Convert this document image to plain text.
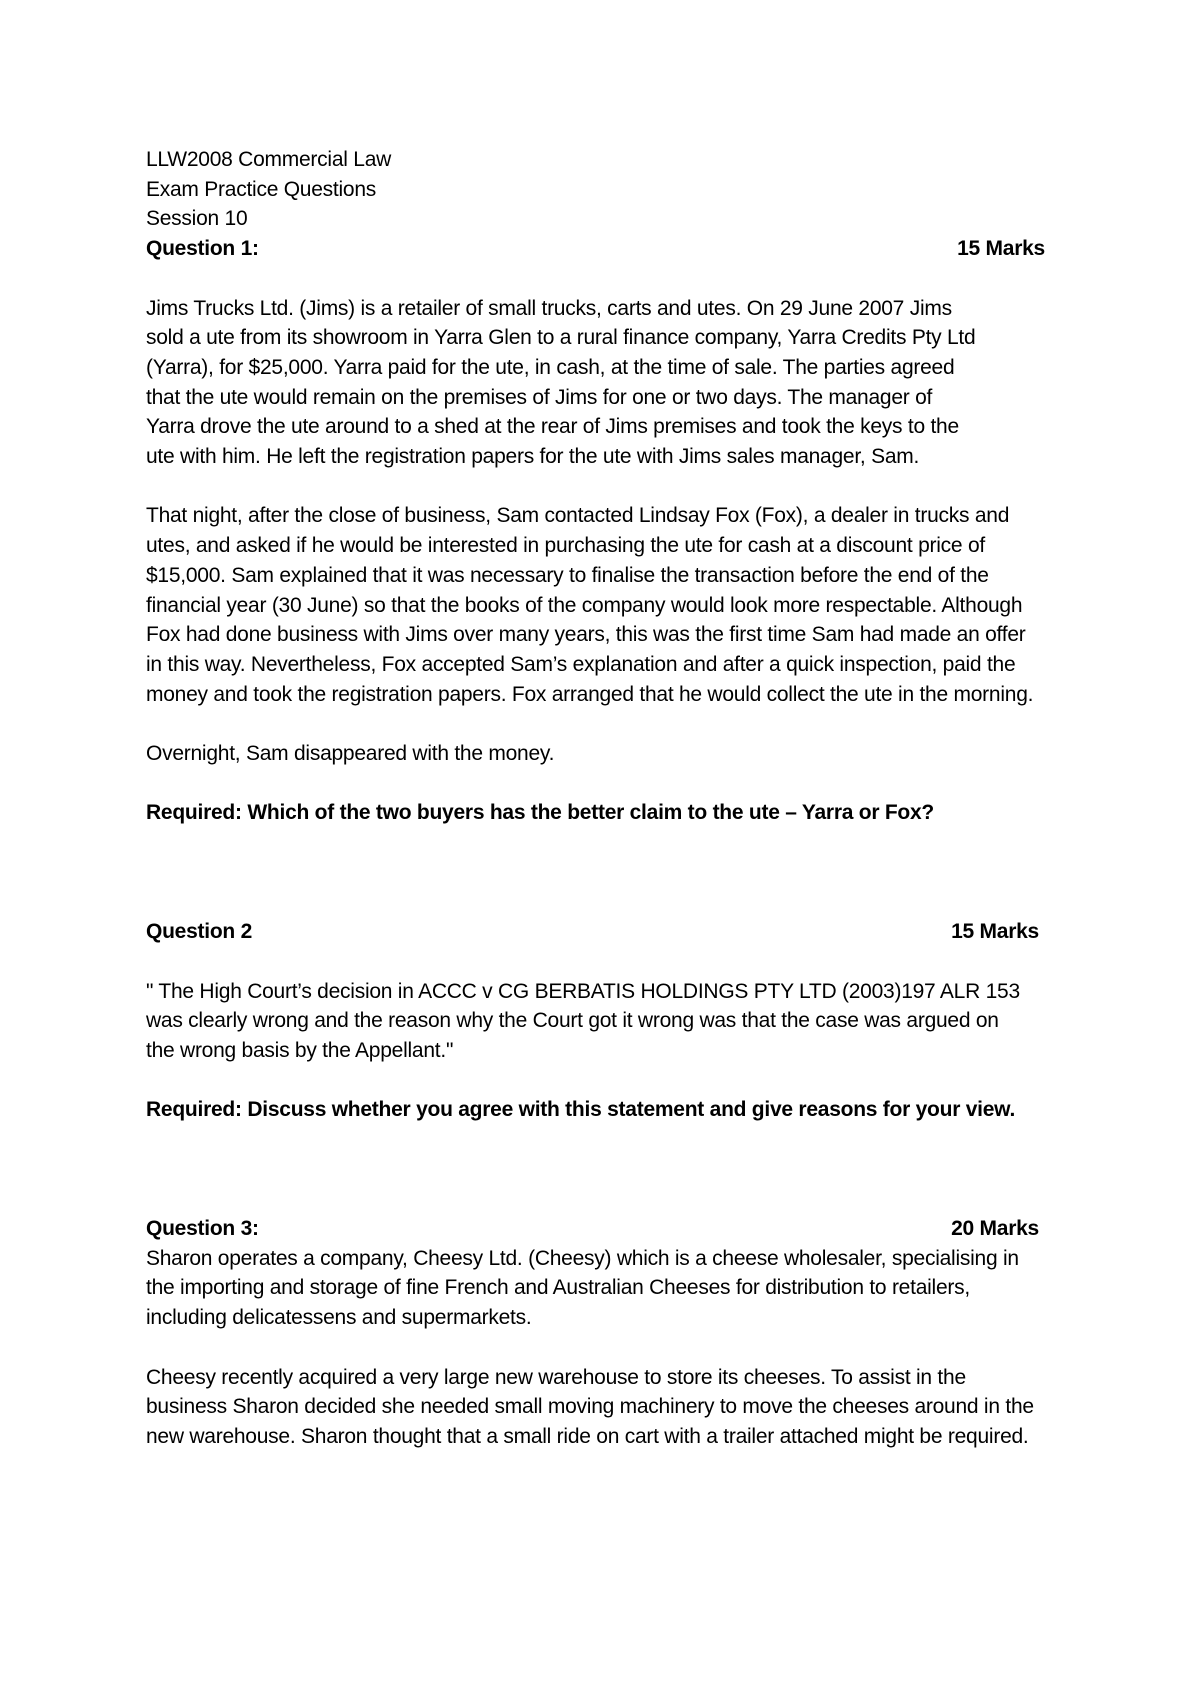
LLW2008 Commercial Law
Exam Practice Questions
Session 10
Question 1:	15 Marks

Jims Trucks Ltd. (Jims) is a retailer of small trucks, carts and utes. On 29 June 2007 Jims sold a ute from its showroom in Yarra Glen to a rural finance company, Yarra Credits Pty Ltd (Yarra), for $25,000. Yarra paid for the ute, in cash, at the time of sale. The parties agreed that the ute would remain on the premises of Jims for one or two days. The manager of Yarra drove the ute around to a shed at the rear of Jims premises and took the keys to the ute with him. He left the registration papers for the ute with Jims sales manager, Sam.

That night, after the close of business, Sam contacted Lindsay Fox (Fox), a dealer in trucks and utes, and asked if he would be interested in purchasing the ute for cash at a discount price of $15,000. Sam explained that it was necessary to finalise the transaction before the end of the financial year (30 June) so that the books of the company would look more respectable. Although Fox had done business with Jims over many years, this was the first time Sam had made an offer in this way. Nevertheless, Fox accepted Sam’s explanation and after a quick inspection, paid the money and took the registration papers. Fox arranged that he would collect the ute in the morning.

Overnight, Sam disappeared with the money.

Required: Which of the two buyers has the better claim to the ute – Yarra or Fox?

Question 2	15 Marks

" The High Court’s decision in ACCC v CG BERBATIS HOLDINGS PTY LTD (2003)197 ALR 153 was clearly wrong and the reason why the Court got it wrong was that the case was argued on the wrong basis by the Appellant."

Required: Discuss whether you agree with this statement and give reasons for your view.

Question 3:	20 Marks

Sharon operates a company, Cheesy Ltd. (Cheesy) which is a cheese wholesaler, specialising in the importing and storage of fine French and Australian Cheeses for distribution to retailers, including delicatessens and supermarkets.

Cheesy recently acquired a very large new warehouse to store its cheeses. To assist in the business Sharon decided she needed small moving machinery to move the cheeses around in the new warehouse. Sharon thought that a small ride on cart with a trailer attached might be required.
